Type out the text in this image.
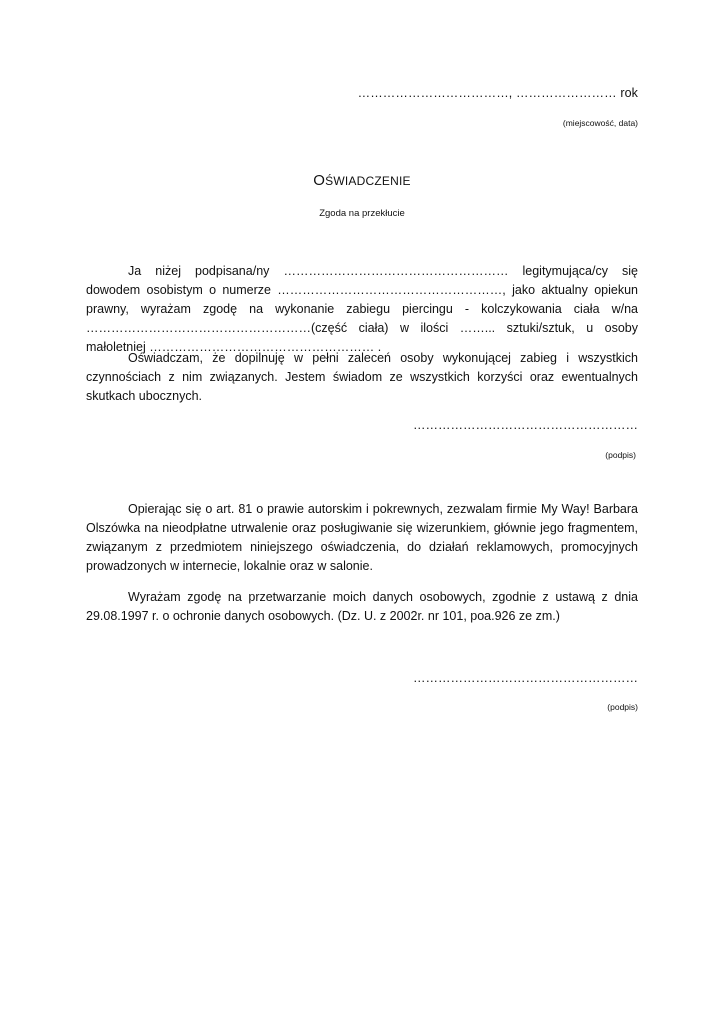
………………………………, …………………… rok
(miejscowość, data)
OŚWIADCZENIE
Zgoda na przekłucie

Ja niżej podpisana/ny ……………………………………………… legitymująca/cy się dowodem osobistym o numerze ………………………………………………, jako aktualny opiekun prawny, wyrażam zgodę na wykonanie zabiegu piercingu - kolczykowania ciała w/na ………………………………………………(część ciała) w ilości ……... sztuki/sztuk, u osoby małoletniej ……………………………………………… .

Oświadczam, że dopilnuję w pełni zaleceń osoby wykonującej zabieg i wszystkich czynnościach z nim związanych. Jestem świadom ze wszystkich korzyści oraz ewentualnych skutkach ubocznych.

………………………………………………
(podpis)

Opierając się o art. 81 o prawie autorskim i pokrewnych, zezwalam firmie My Way! Barbara Olszówka na nieodpłatne utrwalenie oraz posługiwanie się wizerunkiem, głównie jego fragmentem, związanym z przedmiotem niniejszego oświadczenia, do działań reklamowych, promocyjnych prowadzonych w internecie, lokalnie oraz w salonie.

Wyrażam zgodę na przetwarzanie moich danych osobowych, zgodnie z ustawą z dnia 29.08.1997 r. o ochronie danych osobowych. (Dz. U. z 2002r. nr 101, poa.926 ze zm.)

………………………………………………
(podpis)
